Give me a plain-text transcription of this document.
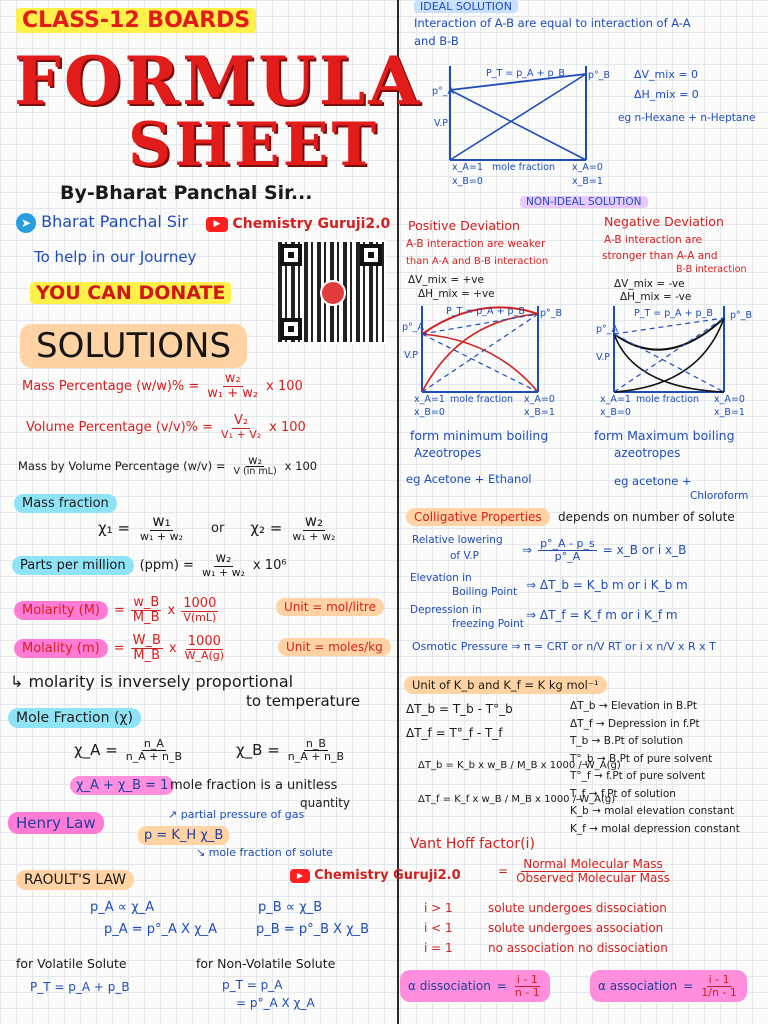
CLASS-12 BOARDS
FORMULA
SHEET
By-Bharat Panchal Sir...
➤ Bharat Panchal Sir	▶ Chemistry Guruji2.0
To help in our Journey
YOU CAN DONATE
SOLUTIONS
Mass Percentage $(w/w)\% = \frac{\text{w₂}}{\text{w₁ + w₂}}$ x 100
Volume Percentage $(v/v)\% = \frac{\text{V₂}}{\text{V₁ + V₂}}$ x 100
Mass by Volume Percentage $(w/v) = \frac{\text{w₂}}{\text{V (in mL)}}$ x 100
Mass fraction
$\chi_1 = \frac{\text{w₁}}{\text{w₁ + w₂}}$ or $\chi_2 = \frac{\text{w₂}}{\text{w₁ + w₂}}$
Parts per million	$(ppm) = \frac{\text{w₂}}{\text{w₁ + w₂}}$ x 10⁶
Molarity (M)	= $\frac{w\_B}{M\_B}$ x $\frac{1000}{V(mL)}$	Unit = mol/litre
Molality (m)	= $\frac{W\_B}{M\_B}$ x $\frac{1000}{W\_A(g)}$	Unit = moles/kg
↳ molarity is inversely proportional
to temperature
Mole Fraction (χ)
χ_A = $\frac{n\_A}{n\_A + n\_B}$	χ_B = $\frac{n\_B}{n\_A + n\_B}$
χ_A + χ_B = 1 mole fraction is a unitless
quantity
Henry Law	↗ partial pressure of gas
p = K_H χ_B
↘ mole fraction of solute
RAOULT'S LAW	▶ Chemistry Guruji2.0
p_A ∝ χ_A	p_B ∝ χ_B
p_A = p°_A X χ_A	p_B = p°_B X χ_B
for Volatile Solute	for Non-Volatile Solute
P_T = p_A + p_B	p_T = p_A
= p°_A X χ_A
IDEAL SOLUTION
Interaction of A-B are equal to interaction of A-A
and B-B
P_T = p_A + p_B
p°_A
p°_B
V.P
x_A=1
x_B=0
mole fraction x_A=0
x_B=1
ΔV_mix = 0
ΔH_mix = 0
eg n-Hexane + n-Heptane
NON-IDEAL SOLUTION
Positive Deviation
A-B interaction are weaker
than A-A and B-B interaction
ΔV_mix = +ve
ΔH_mix = +ve
P_T = p_A + p_B
p°_A
p°_B
V.P
x_A=1
x_B=0
mole fraction x_A=0
x_B=1
form minimum boiling
Azeotropes
eg Acetone + Ethanol
Negative Deviation
A-B interaction are
stronger than A-A and
B-B interaction
ΔV_mix = -ve
ΔH_mix = -ve
P_T = p_A + p_B
p°_A
p°_B
V.P
x_A=1
x_B=0
mole fraction x_A=0
x_B=1
form Maximum boiling
azeotropes
eg acetone +
Chloroform
Colligative Properties	depends on number of solute
Relative lowering
of V.P	⇒ $\frac{p^\circ\_A - p\_s}{p^\circ\_A}$ = x_B or i x_B
Elevation in
Boiling Point ⇒ ΔT_b = K_b m or i K_b m
Depression in
freezing Point
⇒ ΔT_f = K_f m or i K_f m
Osmotic Pressure ⇒ π = CRT or n/V RT or i x n/V x R x T
Unit of K_b and K_f = K kg mol⁻¹
ΔT_b = T_b - T°_b
ΔT_f = T°_f - T_f
ΔT_b = K_b x w_B / M_B x 1000 / W_A(g)
ΔT_f = K_f x w_B / M_B x 1000 / W_A(g)
ΔT_b → Elevation in B.Pt
ΔT_f → Depression in f.Pt
T_b → B.Pt of solution
T°_b → B.Pt of pure solvent
T°_f → f.Pt of pure solvent
T_f → f.Pt of solution
K_b → molal elevation constant
K_f → molal depression constant
Vant Hoff factor(i)
= $\frac{\text{Normal Molecular Mass}}{\text{Observed Molecular Mass}}$
i > 1	solute undergoes dissociation
i < 1	solute undergoes association
i = 1	no association no dissociation
α dissociation = $\frac{i - 1}{n - 1}$	α association = $\frac{i - 1}{1/n - 1}$
